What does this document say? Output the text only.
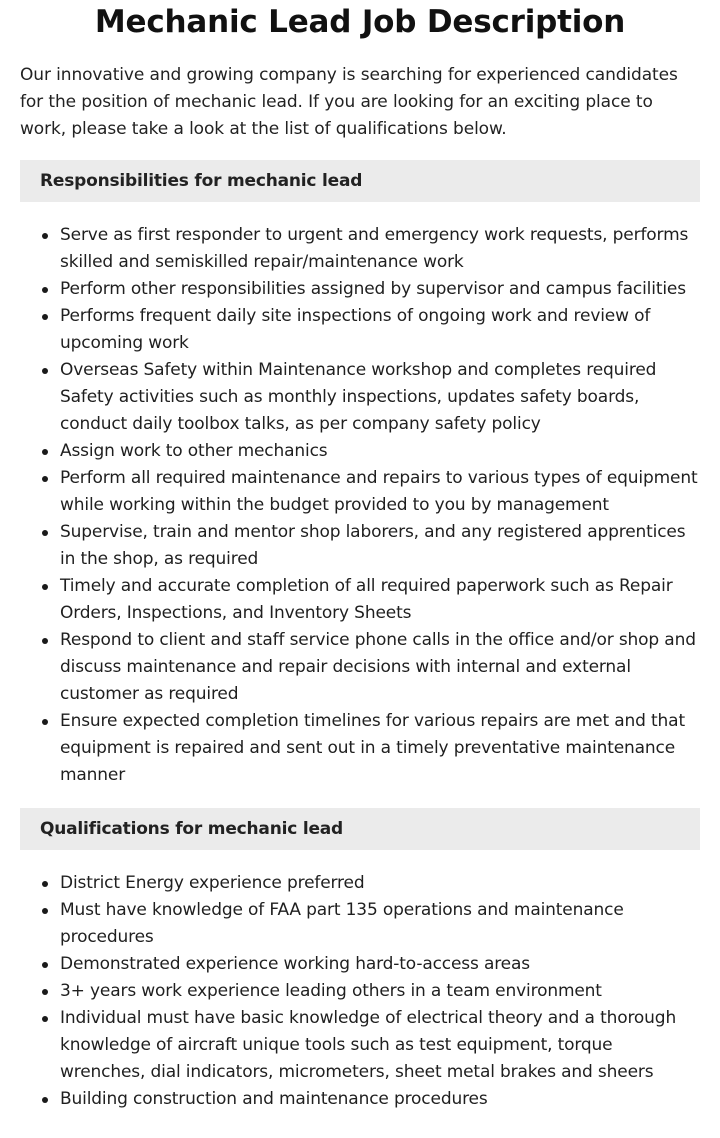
Mechanic Lead Job Description

Our innovative and growing company is searching for experienced candidates for the position of mechanic lead. If you are looking for an exciting place to work, please take a look at the list of qualifications below.

Responsibilities for mechanic lead
Serve as first responder to urgent and emergency work requests, performs skilled and semiskilled repair/maintenance work
Perform other responsibilities assigned by supervisor and campus facilities
Performs frequent daily site inspections of ongoing work and review of upcoming work
Overseas Safety within Maintenance workshop and completes required Safety activities such as monthly inspections, updates safety boards, conduct daily toolbox talks, as per company safety policy
Assign work to other mechanics
Perform all required maintenance and repairs to various types of equipment while working within the budget provided to you by management
Supervise, train and mentor shop laborers, and any registered apprentices in the shop, as required
Timely and accurate completion of all required paperwork such as Repair Orders, Inspections, and Inventory Sheets
Respond to client and staff service phone calls in the office and/or shop and discuss maintenance and repair decisions with internal and external customer as required
Ensure expected completion timelines for various repairs are met and that equipment is repaired and sent out in a timely preventative maintenance manner
Qualifications for mechanic lead
District Energy experience preferred
Must have knowledge of FAA part 135 operations and maintenance procedures
Demonstrated experience working hard-to-access areas
3+ years work experience leading others in a team environment
Individual must have basic knowledge of electrical theory and a thorough knowledge of aircraft unique tools such as test equipment, torque wrenches, dial indicators, micrometers, sheet metal brakes and sheers
Building construction and maintenance procedures
